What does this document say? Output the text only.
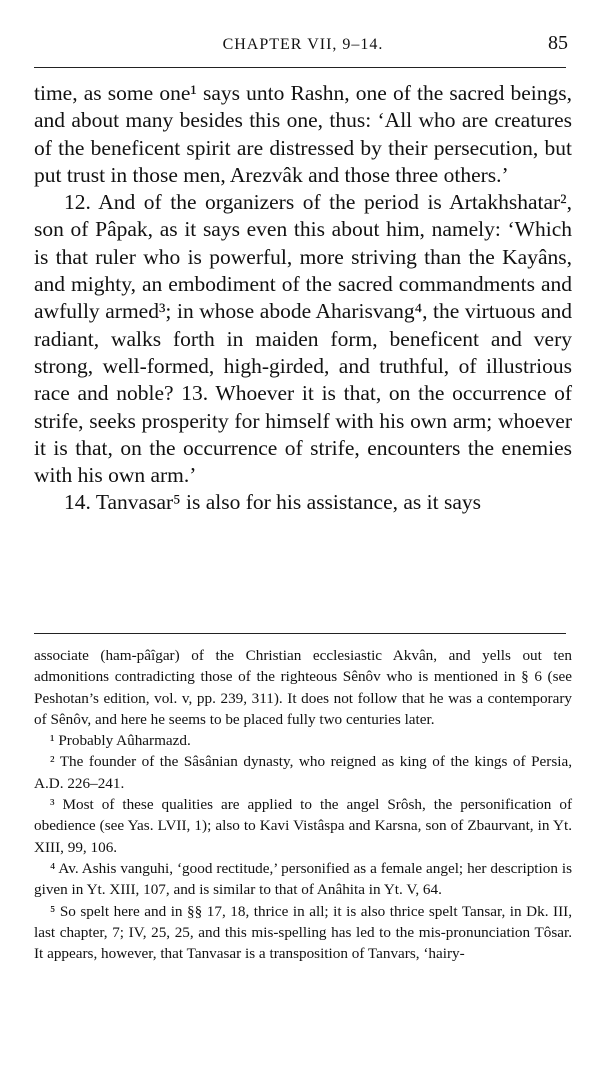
CHAPTER VII, 9–14.	85

time, as some one¹ says unto Rashn, one of the sacred beings, and about many besides this one, thus: ‘All who are creatures of the beneficent spirit are distressed by their persecution, but put trust in those men, Arezvâk and those three others.’

12. And of the organizers of the period is Artakhshatar², son of Pâpak, as it says even this about him, namely: ‘Which is that ruler who is powerful, more striving than the Kayâns, and mighty, an embodiment of the sacred commandments and awfully armed³; in whose abode Aharisvang⁴, the virtuous and radiant, walks forth in maiden form, beneficent and very strong, well-formed, high-girded, and truthful, of illustrious race and noble? 13. Whoever it is that, on the occurrence of strife, seeks prosperity for himself with his own arm; whoever it is that, on the occurrence of strife, encounters the enemies with his own arm.’

14. Tanvasar⁵ is also for his assistance, as it says

associate (ham-pâîgar) of the Christian ecclesiastic Akvân, and yells out ten admonitions contradicting those of the righteous Sênôv who is mentioned in § 6 (see Peshotan’s edition, vol. v, pp. 239, 311). It does not follow that he was a contemporary of Sênôv, and here he seems to be placed fully two centuries later.

¹ Probably Aûharmazd.

² The founder of the Sâsânian dynasty, who reigned as king of the kings of Persia, A.D. 226–241.

³ Most of these qualities are applied to the angel Srôsh, the personification of obedience (see Yas. LVII, 1); also to Kavi Vistâspa and Karsna, son of Zbaurvant, in Yt. XIII, 99, 106.

⁴ Av. Ashis vanguhi, ‘good rectitude,’ personified as a female angel; her description is given in Yt. XIII, 107, and is similar to that of Anâhita in Yt. V, 64.

⁵ So spelt here and in §§ 17, 18, thrice in all; it is also thrice spelt Tansar, in Dk. III, last chapter, 7; IV, 25, 25, and this mis-spelling has led to the mis-pronunciation Tôsar. It appears, however, that Tanvasar is a transposition of Tanvars, ‘hairy-
